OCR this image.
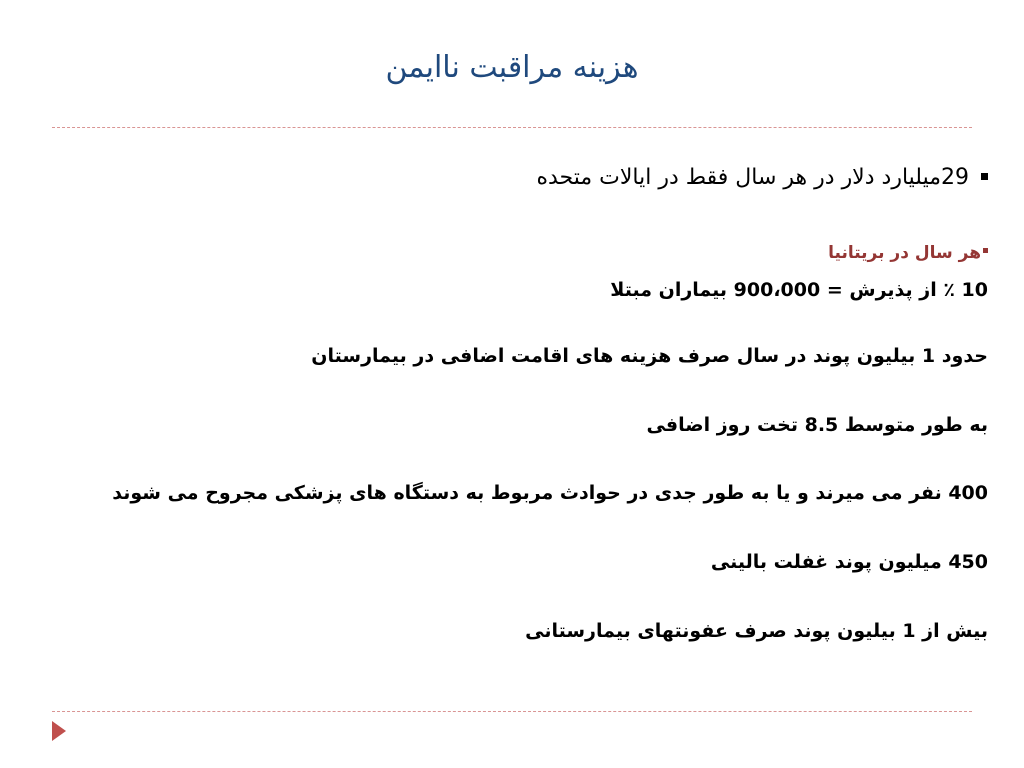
هزینه مراقبت ناایمن
29میلیارد دلار در هر سال فقط در ایالات متحده
هر سال در بریتانیا
10 ٪ از پذیرش = 900،000 بیماران مبتلا
حدود 1 بیلیون پوند در سال صرف هزینه های اقامت اضافی در بیمارستان
به طور متوسط 8.5 تخت روز اضافی
400 نفر می میرند و یا به طور جدی در حوادث مربوط به دستگاه های پزشکی مجروح می شوند
450 میلیون پوند غفلت بالینی
بیش از 1 بیلیون پوند صرف عفونتهای بیمارستانی
